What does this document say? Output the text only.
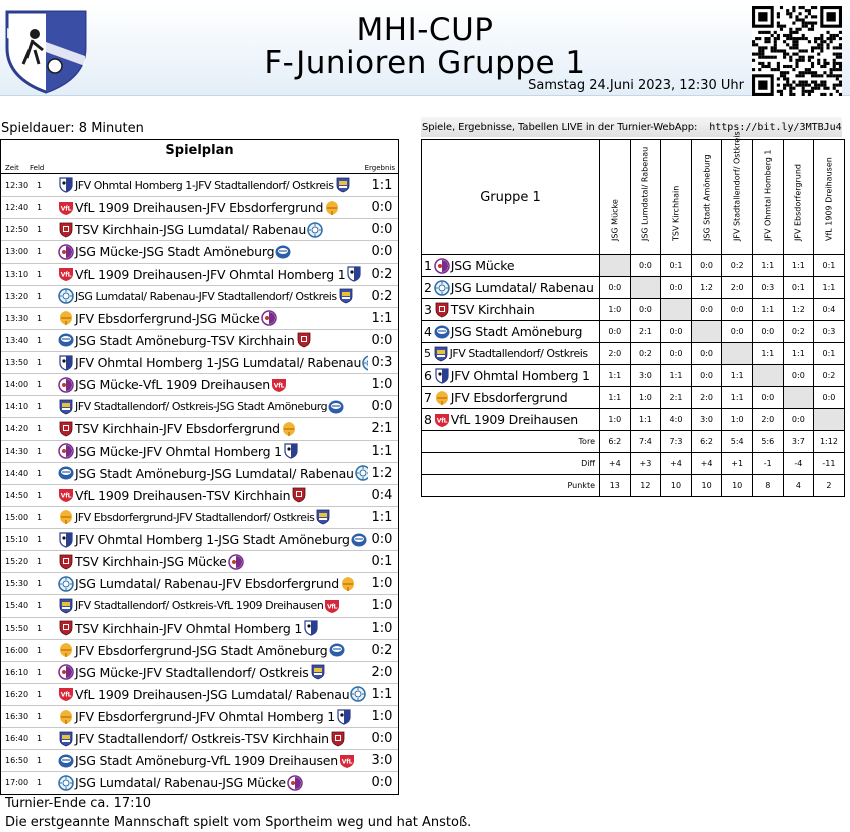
MHI-CUP
F-Junioren Gruppe 1
Samstag 24.Juni 2023, 12:30 Uhr
Spieldauer: 8 Minuten
Spielplan
Zeit Feld	Ergebnis
12:30	1	JFV Ohmtal Homberg 1 - JFV Stadtallendorf/ Ostkreis	1:1
12:40	1	VfL VfL 1909 Dreihausen - JFV Ebsdorfergrund	0:0
12:50	1	TSV Kirchhain - JSG Lumdatal/ Rabenau	0:0
13:00	1	JSG Mücke - JSG Stadt Amöneburg	0:0
13:10	1	VfL VfL 1909 Dreihausen - JFV Ohmtal Homberg 1 0:2
13:20	1	JSG Lumdatal/ Rabenau - JFV Stadtallendorf/ Ostkreis	0:2
13:30	1	JFV Ebsdorfergrund - JSG Mücke	1:1
13:40	1	JSG Stadt Amöneburg - TSV Kirchhain	0:0
13:50	1	JFV Ohmtal Homberg 1 - JSG Lumdatal/ Rabenau 0:3
14:00	1	JSG Mücke - VfL 1909 Dreihausen VfL	1:0
14:10	1	JFV Stadtallendorf/ Ostkreis - JSG Stadt Amöneburg	0:0
14:20	1	TSV Kirchhain - JFV Ebsdorfergrund	2:1
14:30	1	JSG Mücke - JFV Ohmtal Homberg 1	1:1
14:40	1	JSG Stadt Amöneburg - JSG Lumdatal/ Rabenau 1:2
14:50	1	VfL VfL 1909 Dreihausen - TSV Kirchhain	0:4
15:00	1	JFV Ebsdorfergrund - JFV Stadtallendorf/ Ostkreis	1:1
15:10	1	JFV Ohmtal Homberg 1 - JSG Stadt Amöneburg 0:0
15:20	1	TSV Kirchhain - JSG Mücke	0:1
15:30	1	JSG Lumdatal/ Rabenau - JFV Ebsdorfergrund	1:0
15:40	1	JFV Stadtallendorf/ Ostkreis - VfL 1909 Dreihausen VfL	1:0
15:50	1	TSV Kirchhain - JFV Ohmtal Homberg 1	1:0
16:00	1	JFV Ebsdorfergrund - JSG Stadt Amöneburg	0:2
16:10	1	JSG Mücke - JFV Stadtallendorf/ Ostkreis	2:0
16:20	1	VfL VfL 1909 Dreihausen - JSG Lumdatal/ Rabenau 1:1
16:30	1	JFV Ebsdorfergrund - JFV Ohmtal Homberg 1	1:0
16:40	1	JFV Stadtallendorf/ Ostkreis - TSV Kirchhain	0:0
16:50	1	JSG Stadt Amöneburg - VfL 1909 Dreihausen VfL 3:0
17:00	1	JSG Lumdatal/ Rabenau - JSG Mücke	0:0
Turnier-Ende ca. 17:10
Die erstgeannte Mannschaft spielt vom Sportheim weg und hat Anstoß.
Spiele, Ergebnisse, Tabellen LIVE in der Turnier-WebApp: https://bit.ly/3MTBJu4
Gruppe 1	JSG Mücke	JSG Lumdatal/ Rabenau	TSV Kirchhain	JSG Stadt Amöneburg	JFV Stadtallendorf/ Ostkreis	JFV Ohmtal Homberg 1	JFV Ebsdorfergrund	VfL 1909 Dreihausen

1 JSG Mücke		0:0	0:1	0:0	0:2	1:1	1:1	0:1

2 JSG Lumdatal/ Rabenau	0:0		0:0	1:2	2:0	0:3	0:1	1:1

3 TSV Kirchhain	1:0	0:0		0:0	0:0	1:1	1:2	0:4

4 JSG Stadt Amöneburg	0:0	2:1	0:0		0:0	0:0	0:2	0:3

5 JFV Stadtallendorf/ Ostkreis	2:0	0:2	0:0	0:0		1:1	1:1	0:1

6 JFV Ohmtal Homberg 1	1:1	3:0	1:1	0:0	1:1		0:0	0:2

7 JFV Ebsdorfergrund	1:1	1:0	2:1	2:0	1:1	0:0		0:0

8 VfL VfL 1909 Dreihausen	1:0	1:1	4:0	3:0	1:0	2:0	0:0	
Tore	6:2	7:4	7:3	6:2	5:4	5:6	3:7	1:12
Diff	+4	+3	+4	+4	+1	-1	-4	-11
Punkte	13	12	10	10	10	8	4	2
